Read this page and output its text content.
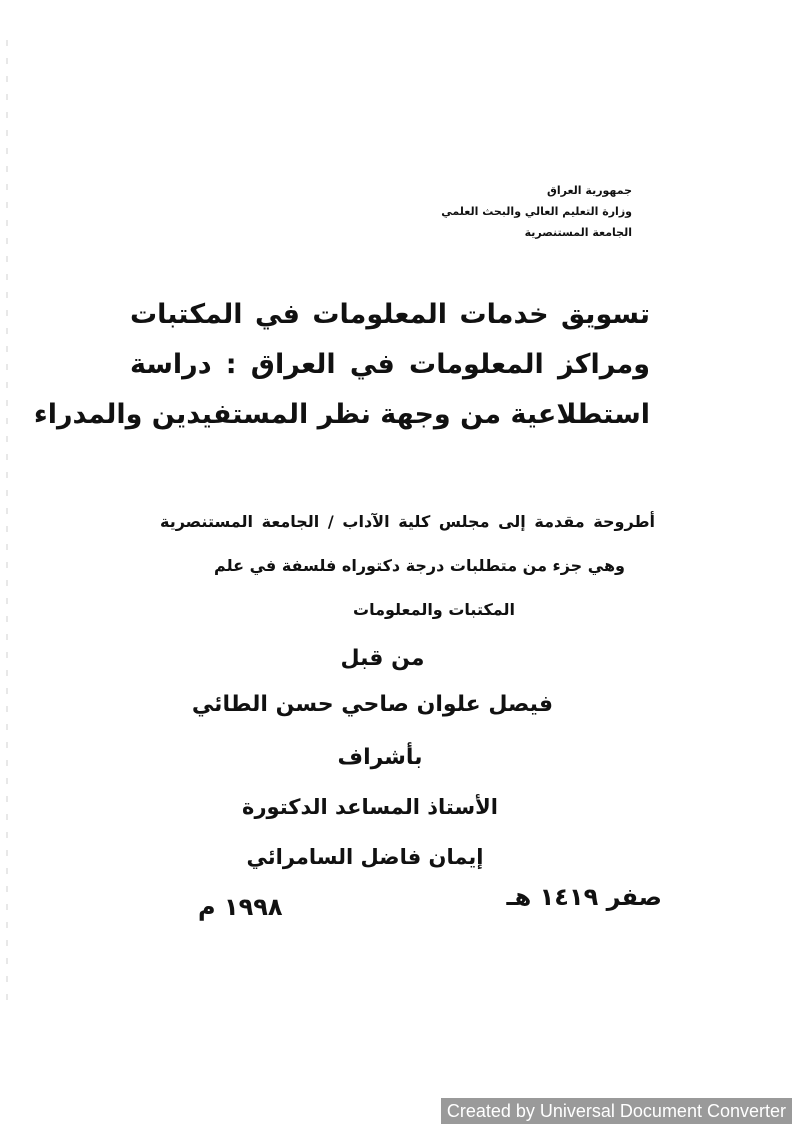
جمهورية العراق
وزارة التعليم العالي والبحث العلمي
الجامعة المستنصرية
تسويق خدمات المعلومات في المكتبات
ومراكز المعلومات في العراق : دراسة
استطلاعية من وجهة نظر المستفيدين والمدراء
أطروحة مقدمة إلى مجلس كلية الآداب / الجامعة المستنصرية
وهي جزء من متطلبات درجة دكتوراه فلسفة في علم
المكتبات والمعلومات
من قبل
فيصل علوان صاحي حسن الطائي
بأشراف
الأستاذ المساعد الدكتورة
إيمان فاضل السامرائي
صفر ١٤١٩ هـ
١٩٩٨ م
Created by Universal Document Converter
